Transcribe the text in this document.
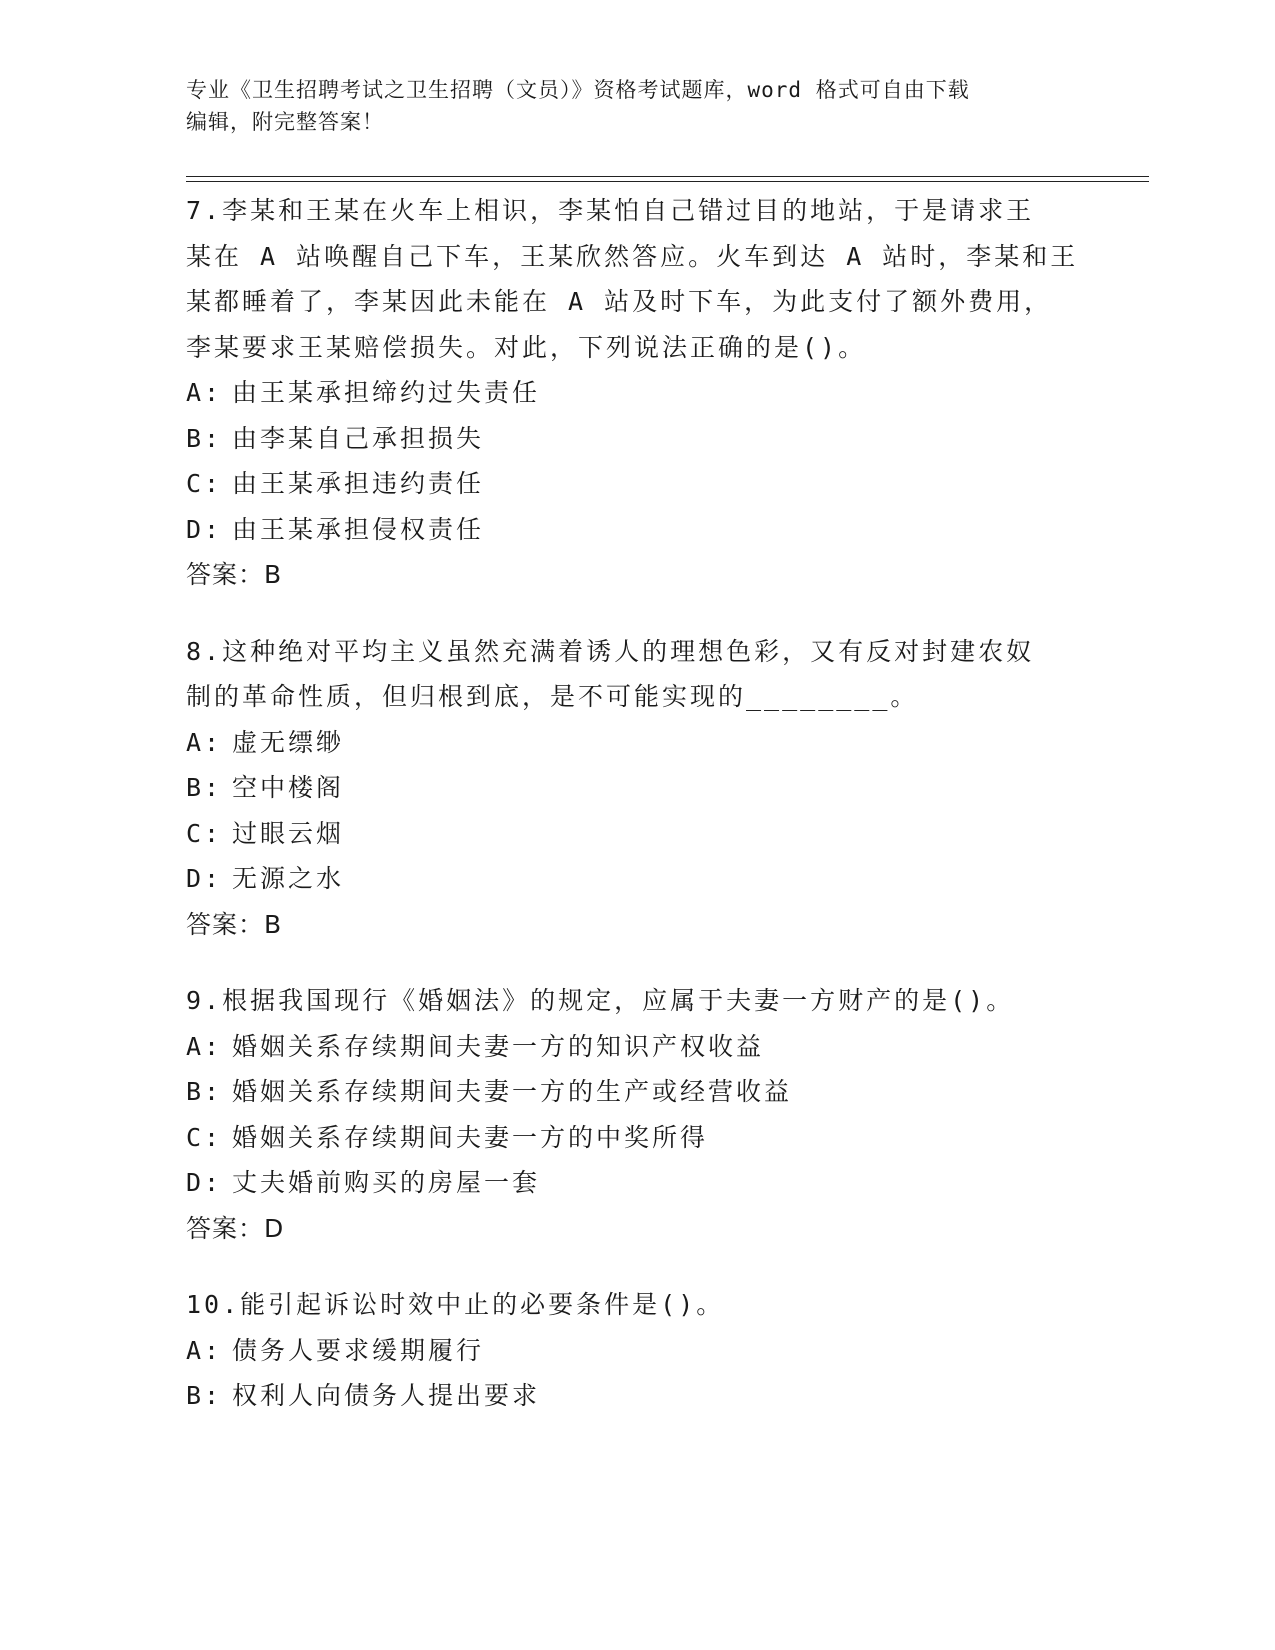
专业《卫生招聘考试之卫生招聘（文员）》资格考试题库，word 格式可自由下载
编辑，附完整答案！

7.李某和王某在火车上相识，李某怕自己错过目的地站，于是请求王

某在 A 站唤醒自己下车，王某欣然答应。火车到达 A 站时，李某和王

某都睡着了，李某因此未能在 A 站及时下车，为此支付了额外费用，

李某要求王某赔偿损失。对此，下列说法正确的是()。

A: 由王某承担缔约过失责任
B: 由李某自己承担损失
C: 由王某承担违约责任
D: 由王某承担侵权责任

答案：B

8.这种绝对平均主义虽然充满着诱人的理想色彩，又有反对封建农奴

制的革命性质，但归根到底，是不可能实现的________。

A: 虚无缥缈
B: 空中楼阁
C: 过眼云烟
D: 无源之水

答案：B

9.根据我国现行《婚姻法》的规定，应属于夫妻一方财产的是()。

A: 婚姻关系存续期间夫妻一方的知识产权收益
B: 婚姻关系存续期间夫妻一方的生产或经营收益
C: 婚姻关系存续期间夫妻一方的中奖所得
D: 丈夫婚前购买的房屋一套

答案：D

10.能引起诉讼时效中止的必要条件是()。

A: 债务人要求缓期履行
B: 权利人向债务人提出要求
